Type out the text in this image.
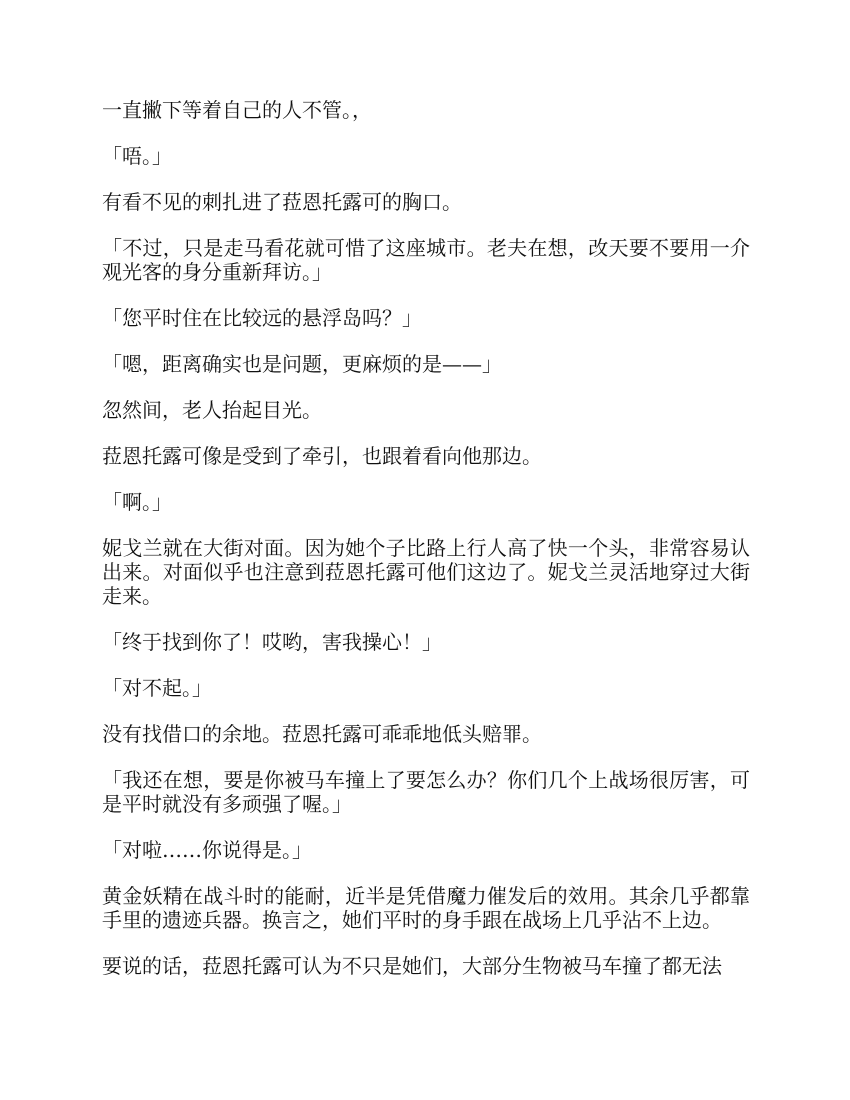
一直撇下等着自己的人不管。，

「唔。」

有看不见的刺扎进了菈恩托露可的胸口。

「不过，只是走马看花就可惜了这座城市。老夫在想，改天要不要用一介观光客的身分重新拜访。」

「您平时住在比较远的悬浮岛吗？」

「嗯，距离确实也是问题，更麻烦的是——」

忽然间，老人抬起目光。

菈恩托露可像是受到了牵引，也跟着看向他那边。

「啊。」

妮戈兰就在大街对面。因为她个子比路上行人高了快一个头，非常容易认出来。对面似乎也注意到菈恩托露可他们这边了。妮戈兰灵活地穿过大街走来。

「终于找到你了！哎哟，害我操心！」

「对不起。」

没有找借口的余地。菈恩托露可乖乖地低头赔罪。

「我还在想，要是你被马车撞上了要怎么办？你们几个上战场很厉害，可是平时就没有多顽强了喔。」

「对啦……你说得是。」

黄金妖精在战斗时的能耐，近半是凭借魔力催发后的效用。其余几乎都靠手里的遗迹兵器。换言之，她们平时的身手跟在战场上几乎沾不上边。

要说的话，菈恩托露可认为不只是她们，大部分生物被马车撞了都无法
